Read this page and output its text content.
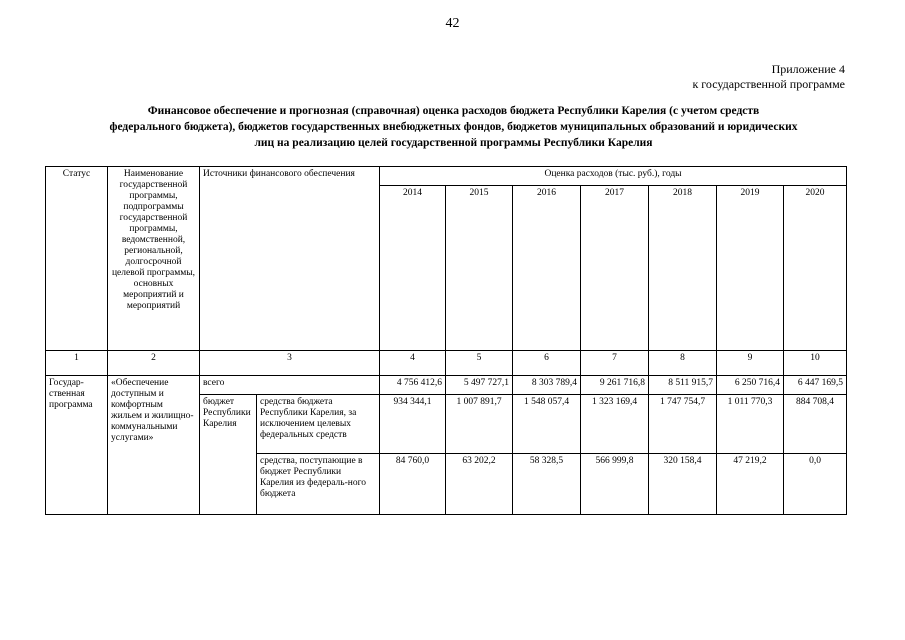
42
Приложение 4
к государственной программе
Финансовое обеспечение и прогнозная (справочная) оценка расходов бюджета Республики Карелия (с учетом средств
федерального бюджета), бюджетов государственных внебюджетных фондов, бюджетов муниципальных образований и юридических
лиц на реализацию целей государственной программы Республики Карелия
Статус	Наименование государственной программы, подпрограммы государственной программы, ведомственной, региональной, долгосрочной целевой программы, основных мероприятий и мероприятий	Источники финансового обеспечения		Оценка расходов (тыс. руб.), годы						
				2014	2015	2016	2017	2018	2019	2020
1	2	3		4	5	6	7	8	9	10
Государ-ственная программа	«Обеспечение доступным и комфортным жильем и жилищно-коммунальными услугами»	всего		4 756 412,6	5 497 727,1	8 303 789,4	9 261 716,8	8 511 915,7	6 250 716,4	6 447 169,5
		бюджет Республики Карелия	средства бюджета Республики Карелия, за исключением целевых федеральных средств	934 344,1	1 007 891,7	1 548 057,4	1 323 169,4	1 747 754,7	1 011 770,3	884 708,4
			средства, поступающие в бюджет Республики Карелия из федераль-ного бюджета	84 760,0	63 202,2	58 328,5	566 999,8	320 158,4	47 219,2	0,0
